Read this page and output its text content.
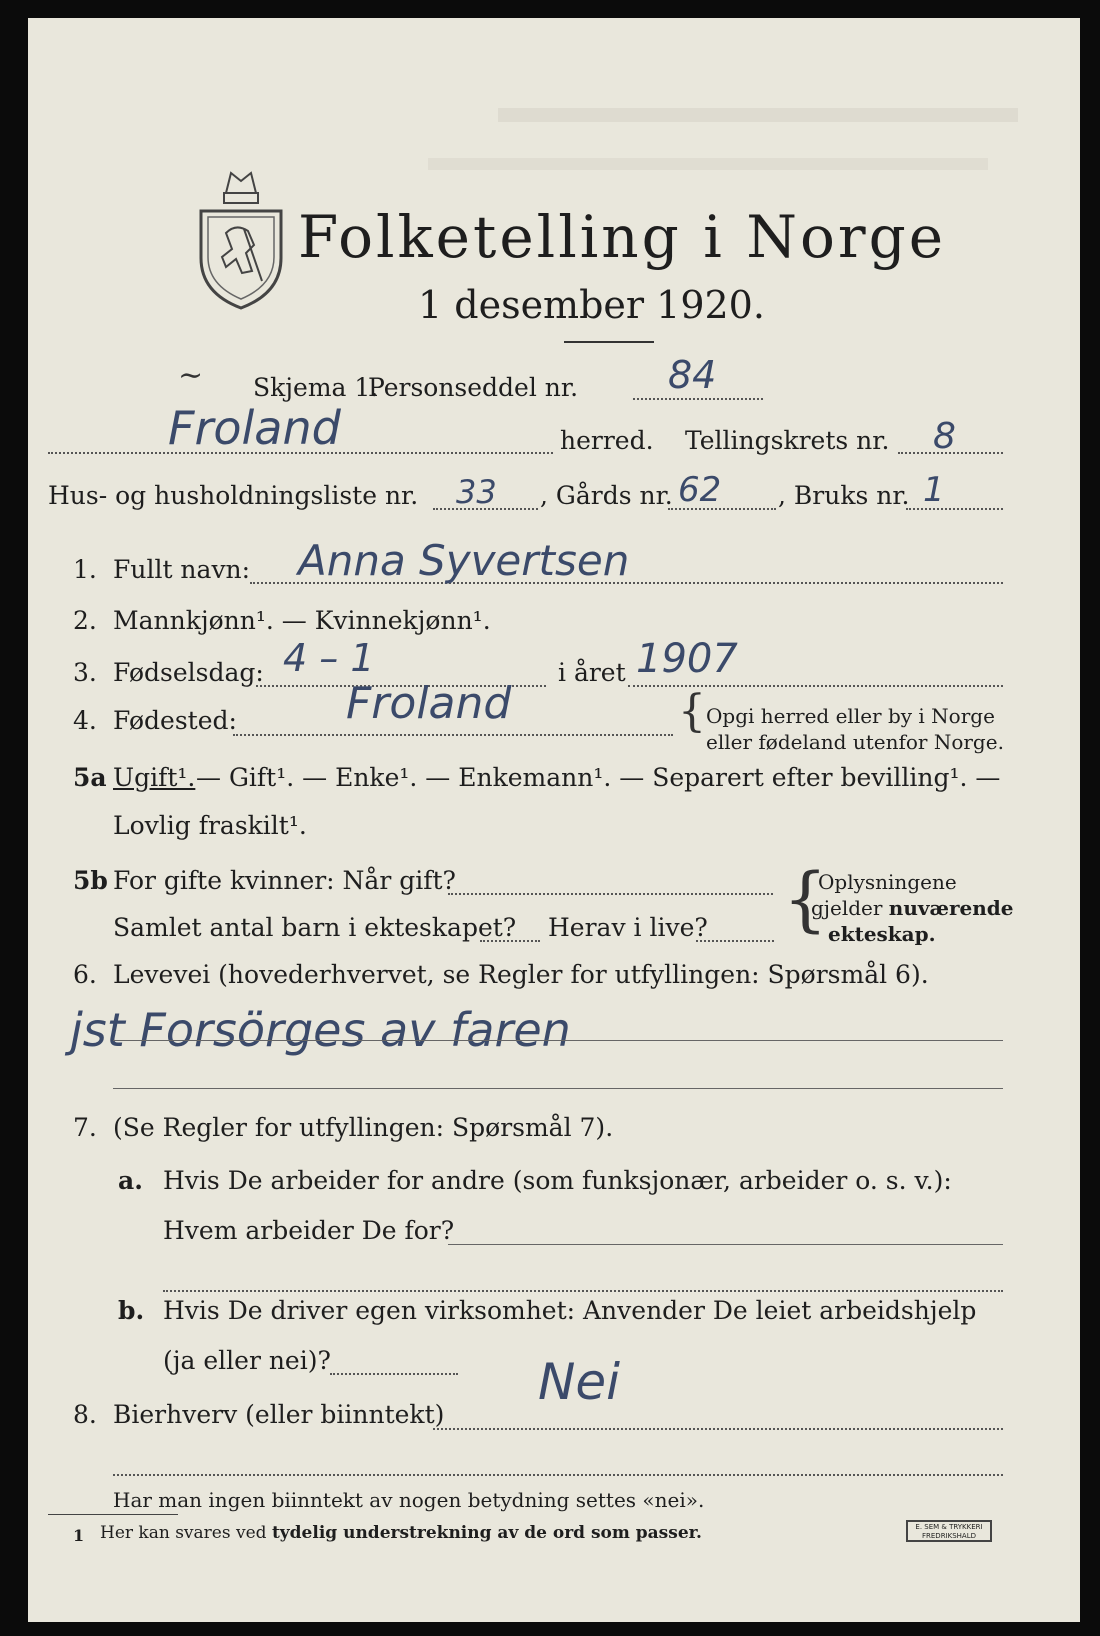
Folketelling i Norge
1 desember 1920.
∼ Skjema 1.
Personseddel nr. 84
Froland	herred. Tellingskrets nr. 8
Hus- og husholdningsliste nr. 33 , Gårds nr. 62 , Bruks nr. 1
1. Fullt navn: Anna Syvertsen
2. Mannkjønn¹. — Kvinnekjønn¹.
3. Fødselsdag: 4 – 1	i året 1907
4. Fødested: Froland	{ Opgi herred eller by i Norge
eller fødeland utenfor Norge.
5a Ugift¹. — Gift¹. — Enke¹. — Enkemann¹. — Separert efter bevilling¹. —
Lovlig fraskilt¹.
5b For gifte kvinner: Når gift?
Samlet antal barn i ekteskapet? Herav i live? {
Oplysningene
gjelder nuværende
ekteskap.
6. Levevei (hovederhvervet, se Regler for utfyllingen: Spørsmål 6).
jst Forsörges av faren
7. (Se Regler for utfyllingen: Spørsmål 7).
a. Hvis De arbeider for andre (som funksjonær, arbeider o. s. v.):
Hvem arbeider De for?
b. Hvis De driver egen virksomhet: Anvender De leiet arbeidshjelp
(ja eller nei)?
8. Bierhverv (eller biinntekt)
Nei
Har man ingen biinntekt av nogen betydning settes «nei».
1 Her kan svares ved tydelig understrekning av de ord som passer.	E. SEM & TRYKKERI
FREDRIKSHALD
